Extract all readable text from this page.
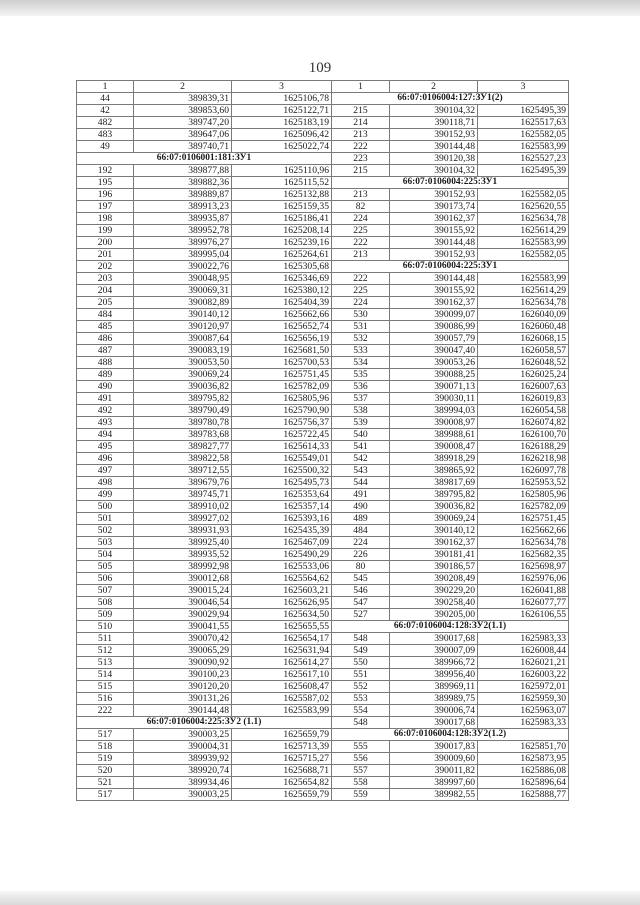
109
1	2	3	1	2	3
44	389839,31	1625106,78	66:07:0106004:127:ЗУ1(2)		
42	389853,60	1625122,71	215	390104,32	1625495,39
482	389747,20	1625183,19	214	390118,71	1625517,63
483	389647,06	1625096,42	213	390152,93	1625582,05
49	389740,71	1625022,74	222	390144,48	1625583,99
66:07:0106001:181:ЗУ1			223	390120,38	1625527,23
192	389877,88	1625110,96	215	390104,32	1625495,39
195	389882,36	1625115,52	66:07:0106004:225:ЗУ1		
196	389889,87	1625132,88	213	390152,93	1625582,05
197	389913,23	1625159,35	82	390173,74	1625620,55
198	389935,87	1625186,41	224	390162,37	1625634,78
199	389952,78	1625208,14	225	390155,92	1625614,29
200	389976,27	1625239,16	222	390144,48	1625583,99
201	389995,04	1625264,61	213	390152,93	1625582,05
202	390022,76	1625305,68	66:07:0106004:225:ЗУ1		
203	390048,95	1625346,69	222	390144,48	1625583,99
204	390069,31	1625380,12	225	390155,92	1625614,29
205	390082,89	1625404,39	224	390162,37	1625634,78
484	390140,12	1625662,66	530	390099,07	1626040,09
485	390120,97	1625652,74	531	390086,99	1626060,48
486	390087,64	1625656,19	532	390057,79	1626068,15
487	390083,19	1625681,50	533	390047,40	1626058,57
488	390053,50	1625700,53	534	390053,26	1626048,52
489	390069,24	1625751,45	535	390088,25	1626025,24
490	390036,82	1625782,09	536	390071,13	1626007,63
491	389795,82	1625805,96	537	390030,11	1626019,83
492	389790,49	1625790,90	538	389994,03	1626054,58
493	389780,78	1625756,37	539	390008,97	1626074,82
494	389783,68	1625722,45	540	389988,61	1626100,70
495	389827,77	1625614,33	541	390008,47	1626188,29
496	389822,58	1625549,01	542	389918,29	1626218,98
497	389712,55	1625500,32	543	389865,92	1626097,78
498	389679,76	1625495,73	544	389817,69	1625953,52
499	389745,71	1625353,64	491	389795,82	1625805,96
500	389910,02	1625357,14	490	390036,82	1625782,09
501	389927,02	1625393,16	489	390069,24	1625751,45
502	389931,93	1625435,39	484	390140,12	1625662,66
503	389925,40	1625467,09	224	390162,37	1625634,78
504	389935,52	1625490,29	226	390181,41	1625682,35
505	389992,98	1625533,06	80	390186,57	1625698,97
506	390012,68	1625564,62	545	390208,49	1625976,06
507	390015,24	1625603,21	546	390229,20	1626041,88
508	390046,54	1625626,95	547	390258,40	1626077,77
509	390029,94	1625634,50	527	390205,00	1626106,55
510	390041,55	1625655,55	66:07:0106004:128:ЗУ2(1.1)		
511	390070,42	1625654,17	548	390017,68	1625983,33
512	390065,29	1625631,94	549	390007,09	1626008,44
513	390090,92	1625614,27	550	389966,72	1626021,21
514	390100,23	1625617,10	551	389956,40	1626003,22
515	390120,20	1625608,47	552	389969,11	1625972,01
516	390131,26	1625587,02	553	389989,75	1625959,30
222	390144,48	1625583,99	554	390006,74	1625963,07
66:07:0106004:225:ЗУ2 (1.1)			548	390017,68	1625983,33
517	390003,25	1625659,79	66:07:0106004:128:ЗУ2(1.2)		
518	390004,31	1625713,39	555	390017,83	1625851,70
519	389939,92	1625715,27	556	390009,60	1625873,95
520	389920,74	1625688,71	557	390011,82	1625886,08
521	389934,46	1625654,82	558	389997,60	1625896,64
517	390003,25	1625659,79	559	389982,55	1625888,77
